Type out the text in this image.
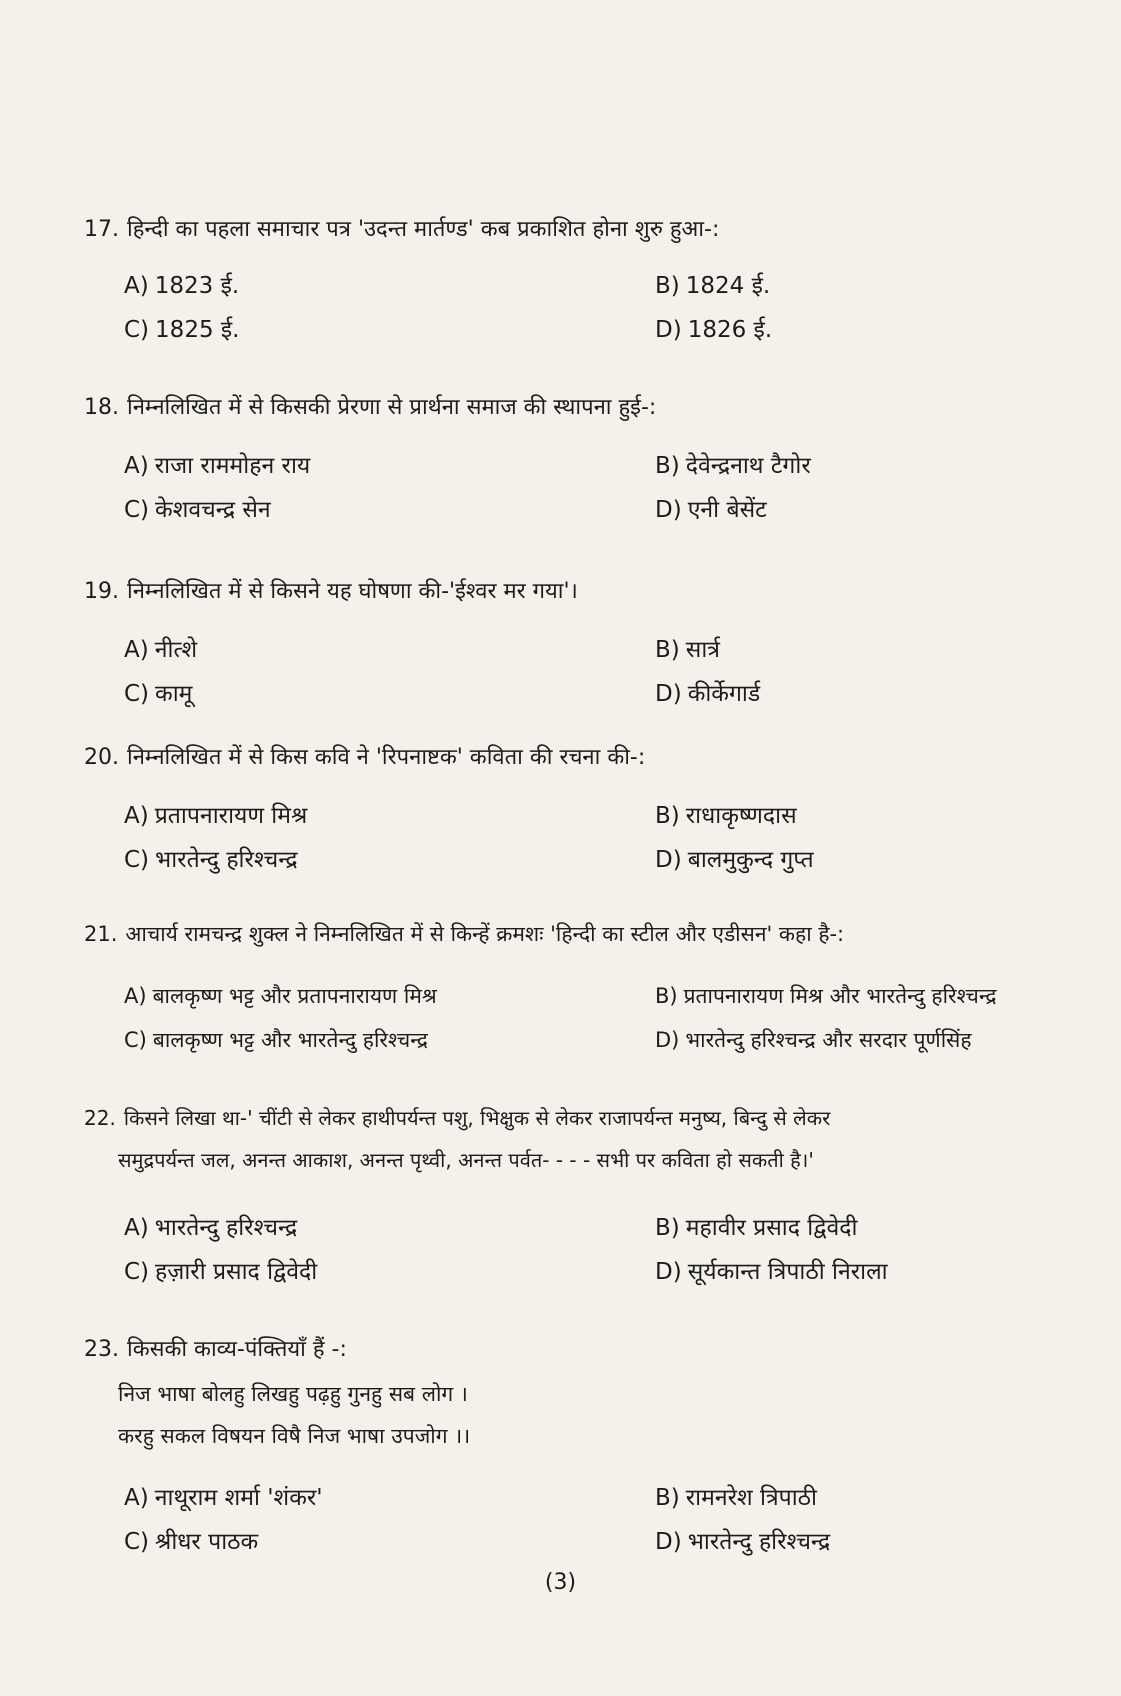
17. हिन्दी का पहला समाचार पत्र 'उदन्त मार्तण्ड' कब प्रकाशित होना शुरु हुआ-:
A) 1823 ई.	B) 1824 ई.
C) 1825 ई.	D) 1826 ई.
18. निम्नलिखित में से किसकी प्रेरणा से प्रार्थना समाज की स्थापना हुई-:
A) राजा राममोहन राय	B) देवेन्द्रनाथ टैगोर
C) केशवचन्द्र सेन	D) एनी बेसेंट
19. निम्नलिखित में से किसने यह घोषणा की-'ईश्वर मर गया'।
A) नीत्शे	B) सार्त्र
C) कामू	D) कीर्केगार्ड
20. निम्नलिखित में से किस कवि ने 'रिपनाष्टक' कविता की रचना की-:
A) प्रतापनारायण मिश्र	B) राधाकृष्णदास
C) भारतेन्दु हरिश्चन्द्र	D) बालमुकुन्द गुप्त
21. आचार्य रामचन्द्र शुक्ल ने निम्नलिखित में से किन्हें क्रमशः 'हिन्दी का स्टील और एडीसन' कहा है-:
A) बालकृष्ण भट्ट और प्रतापनारायण मिश्र	B) प्रतापनारायण मिश्र और भारतेन्दु हरिश्चन्द्र
C) बालकृष्ण भट्ट और भारतेन्दु हरिश्चन्द्र	D) भारतेन्दु हरिश्चन्द्र और सरदार पूर्णसिंह
22. किसने लिखा था-' चींटी से लेकर हाथीपर्यन्त पशु, भिक्षुक से लेकर राजापर्यन्त मनुष्य, बिन्दु से लेकर
समुद्रपर्यन्त जल, अनन्त आकाश, अनन्त पृथ्वी, अनन्त पर्वत- - - - सभी पर कविता हो सकती है।'
A) भारतेन्दु हरिश्चन्द्र	B) महावीर प्रसाद द्विवेदी
C) हज़ारी प्रसाद द्विवेदी	D) सूर्यकान्त त्रिपाठी निराला
23. किसकी काव्य-पंक्तियाँ हैं -:
निज भाषा बोलहु लिखहु पढ़हु गुनहु सब लोग ।
करहु सकल विषयन विषै निज भाषा उपजोग ।।
A) नाथूराम शर्मा 'शंकर'	B) रामनरेश त्रिपाठी
C) श्रीधर पाठक	D) भारतेन्दु हरिश्चन्द्र
(3)
